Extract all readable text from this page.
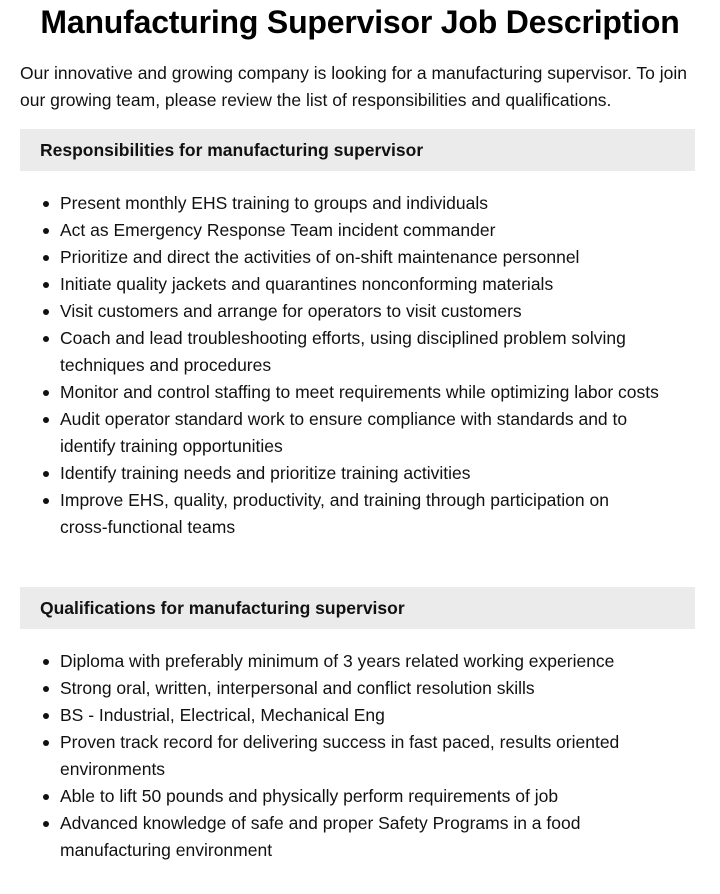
Manufacturing Supervisor Job Description

Our innovative and growing company is looking for a manufacturing supervisor. To join our growing team, please review the list of responsibilities and qualifications.

Responsibilities for manufacturing supervisor
Present monthly EHS training to groups and individuals
Act as Emergency Response Team incident commander
Prioritize and direct the activities of on-shift maintenance personnel
Initiate quality jackets and quarantines nonconforming materials
Visit customers and arrange for operators to visit customers
Coach and lead troubleshooting efforts, using disciplined problem solving techniques and procedures
Monitor and control staffing to meet requirements while optimizing labor costs
Audit operator standard work to ensure compliance with standards and to identify training opportunities
Identify training needs and prioritize training activities
Improve EHS, quality, productivity, and training through participation on cross-functional teams
Qualifications for manufacturing supervisor
Diploma with preferably minimum of 3 years related working experience
Strong oral, written, interpersonal and conflict resolution skills
BS - Industrial, Electrical, Mechanical Eng
Proven track record for delivering success in fast paced, results oriented environments
Able to lift 50 pounds and physically perform requirements of job
Advanced knowledge of safe and proper Safety Programs in a food manufacturing environment
